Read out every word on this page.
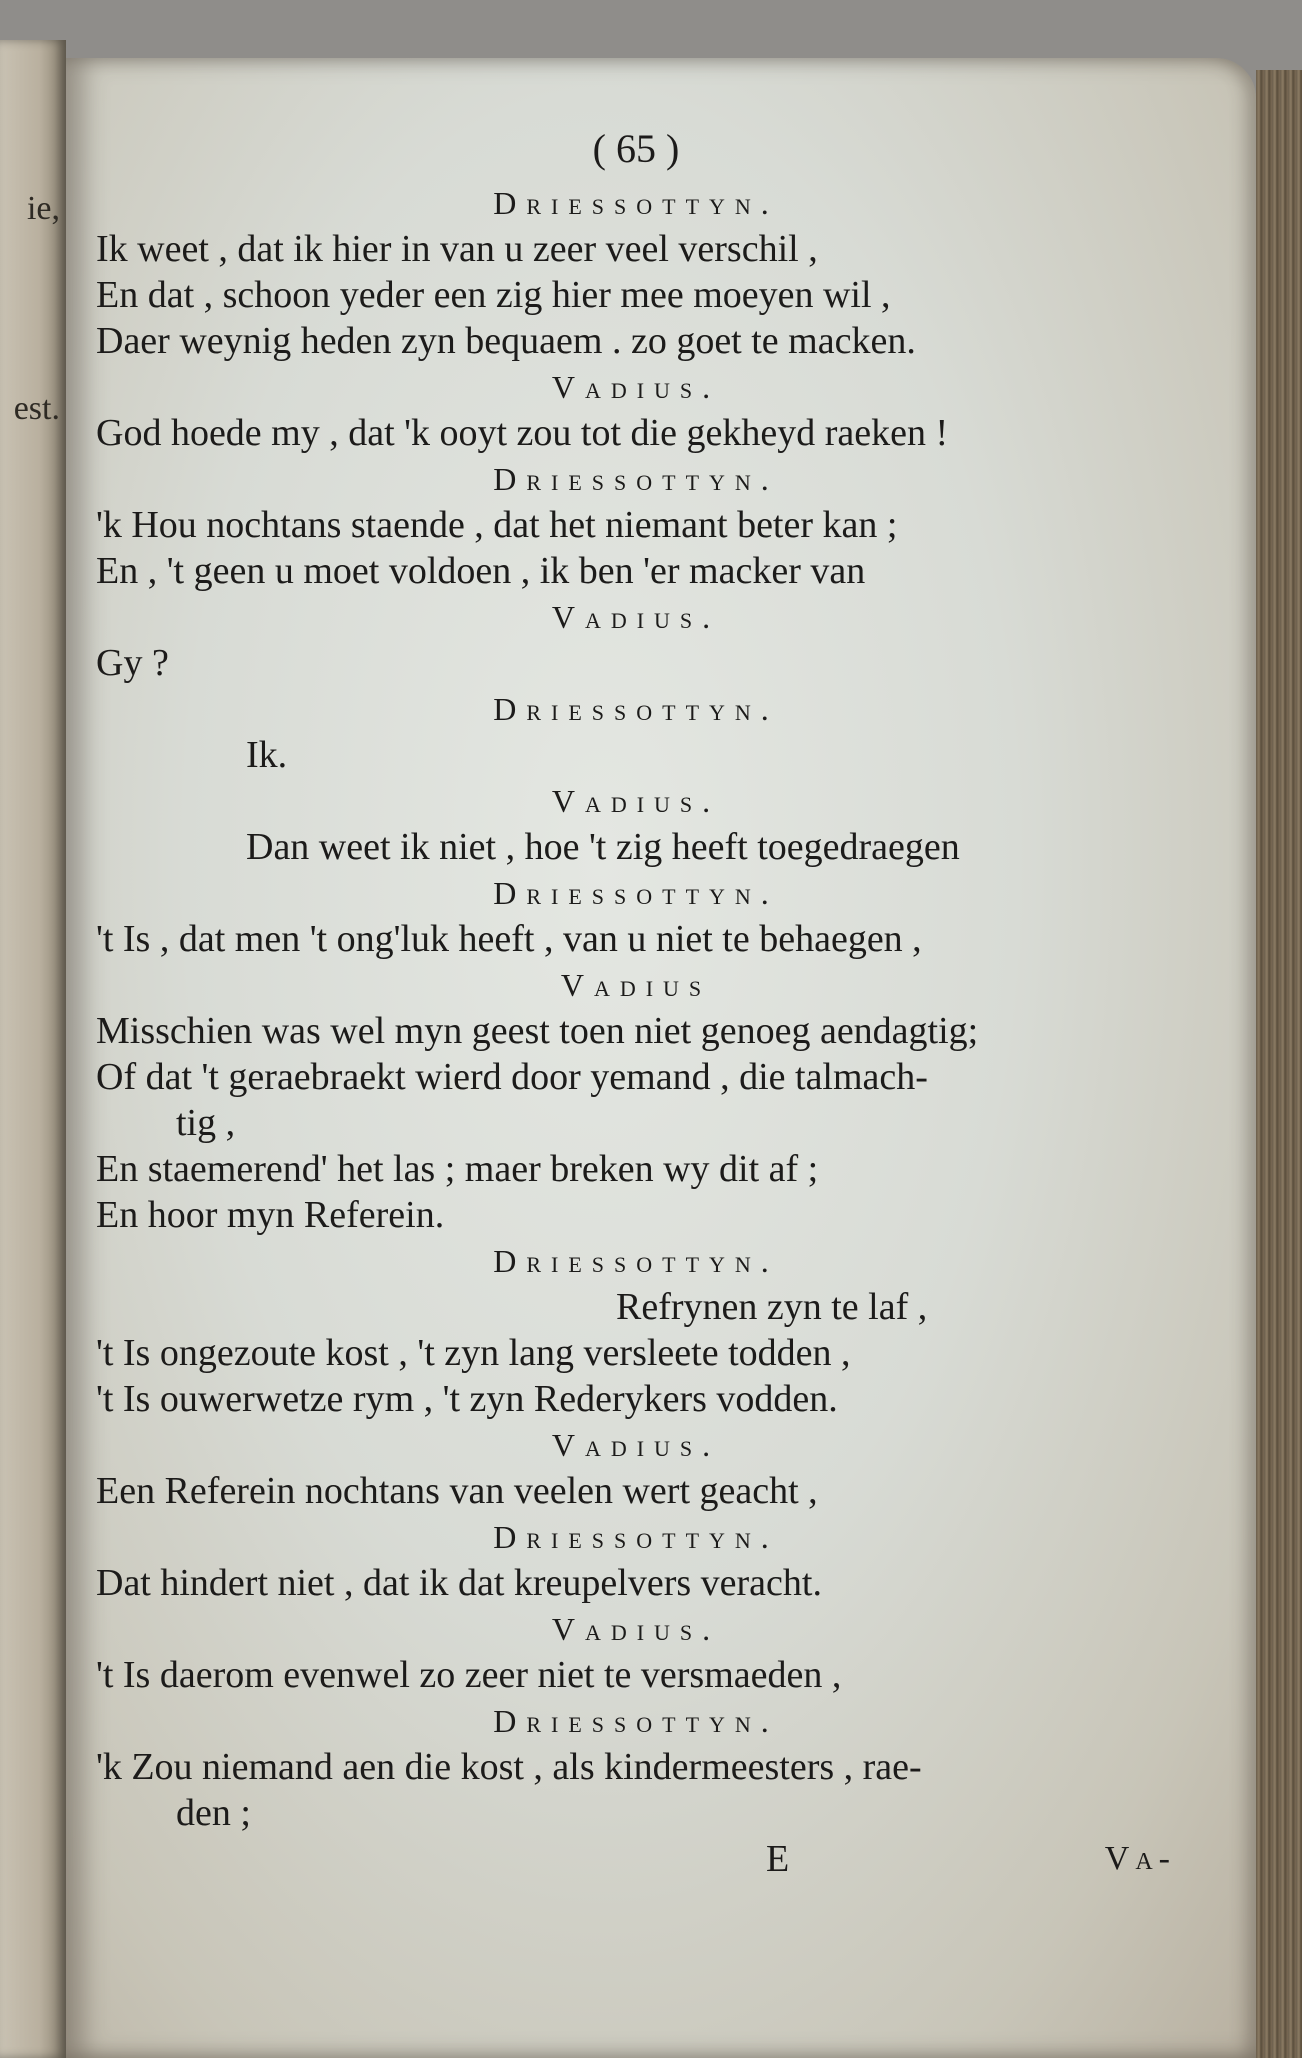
ie,
est.
( 65 )
Driessottyn.
Ik weet , dat ik hier in van u zeer veel verschil ,
En dat , schoon yeder een zig hier mee moeyen wil ,
Daer weynig heden zyn bequaem . zo goet te macken.
Vadius.
God hoede my , dat 'k ooyt zou tot die gekheyd raeken !
Driessottyn.
'k Hou nochtans staende , dat het niemant beter kan ;
En , 't geen u moet voldoen , ik ben 'er macker van
Vadius.
Gy ?
Driessottyn.
Ik.
Vadius.
Dan weet ik niet , hoe 't zig heeft toegedraegen
Driessottyn.
't Is , dat men 't ong'luk heeft , van u niet te behaegen ,
Vadius
Misschien was wel myn geest toen niet genoeg aendagtig;
Of dat 't geraebraekt wierd door yemand , die talmach-
tig ,
En staemerend' het las ; maer breken wy dit af ;
En hoor myn Referein.
Driessottyn.
Refrynen zyn te laf ,
't Is ongezoute kost , 't zyn lang versleete todden ,
't Is ouwerwetze rym , 't zyn Rederykers vodden.
Vadius.
Een Referein nochtans van veelen wert geacht ,
Driessottyn.
Dat hindert niet , dat ik dat kreupelvers veracht.
Vadius.
't Is daerom evenwel zo zeer niet te versmaeden ,
Driessottyn.
'k Zou niemand aen die kost , als kindermeesters , rae-
den ;
E	Va-
